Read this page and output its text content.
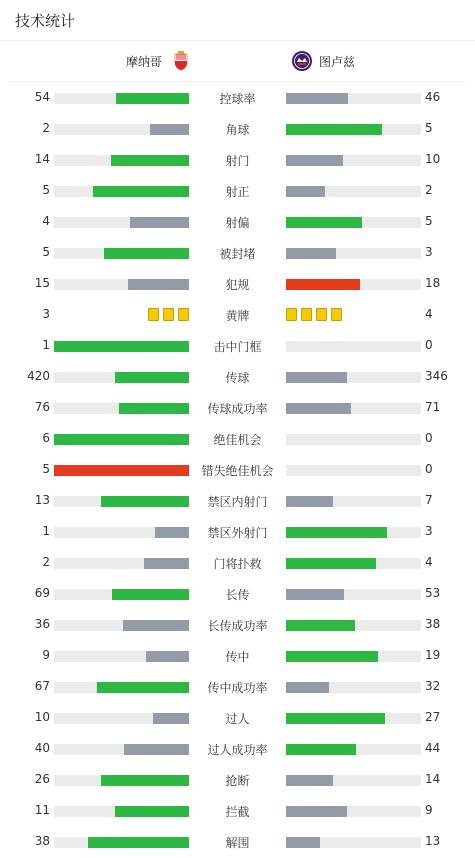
技术统计
摩纳哥	图卢兹
54	控球率	46
2	角球	5
14	射门	10
5	射正	2
4	射偏	5
5	被封堵	3
15	犯规	18
3	黄牌	4
1	击中门框	0
420	传球	346
76	传球成功率	71
6	绝佳机会	0
5	错失绝佳机会	0
13	禁区内射门	7
1	禁区外射门	3
2	门将扑救	4
69	长传	53
36	长传成功率	38
9	传中	19
67	传中成功率	32
10	过人	27
40	过人成功率	44
26	抢断	14
11	拦截	9
38	解围	13
